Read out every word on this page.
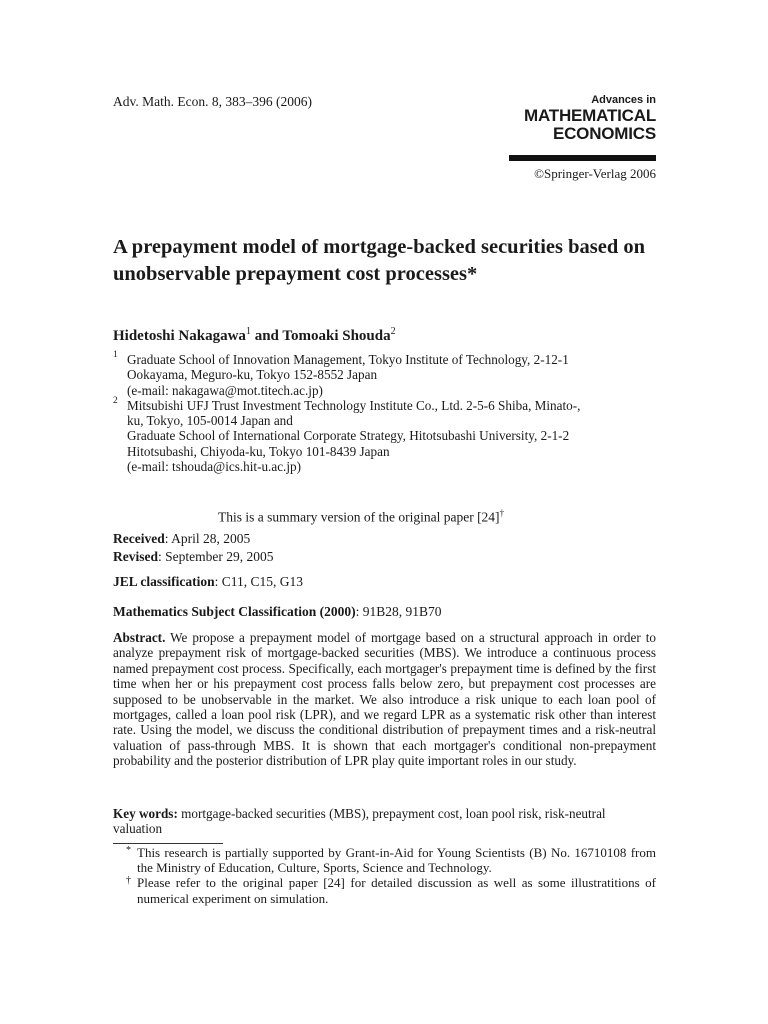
Adv. Math. Econ. 8, 383–396 (2006)	Advances in
MATHEMATICAL
ECONOMICS
©Springer-Verlag 2006
A prepayment model of mortgage-backed securities based on unobservable prepayment cost processes*
Hidetoshi Nakagawa$^1$ and Tomoaki Shouda$^2$
1 Graduate School of Innovation Management, Tokyo Institute of Technology, 2-12-1
Ookayama, Meguro-ku, Tokyo 152-8552 Japan
(e-mail: nakagawa@mot.titech.ac.jp)
2 Mitsubishi UFJ Trust Investment Technology Institute Co., Ltd. 2-5-6 Shiba, Minato-,
ku, Tokyo, 105-0014 Japan and
Graduate School of International Corporate Strategy, Hitotsubashi University, 2-1-2
Hitotsubashi, Chiyoda-ku, Tokyo 101-8439 Japan
(e-mail: tshouda@ics.hit-u.ac.jp)
This is a summary version of the original paper [24]†
Received: April 28, 2005
Revised: September 29, 2005
JEL classification: C11, C15, G13
Mathematics Subject Classification (2000): 91B28, 91B70
Abstract. We propose a prepayment model of mortgage based on a structural approach in order to analyze prepayment risk of mortgage-backed securities (MBS). We introduce a continuous process named prepayment cost process. Specifically, each mortgager's prepayment time is defined by the first time when her or his prepayment cost process falls below zero, but prepayment cost processes are supposed to be unobservable in the market. We also introduce a risk unique to each loan pool of mortgages, called a loan pool risk (LPR), and we regard LPR as a systematic risk other than interest rate. Using the model, we discuss the conditional distribution of prepayment times and a risk-neutral valuation of pass-through MBS. It is shown that each mortgager's conditional non-prepayment probability and the posterior distribution of LPR play quite important roles in our study.
Key words: mortgage-backed securities (MBS), prepayment cost, loan pool risk, risk-neutral valuation
* This research is partially supported by Grant-in-Aid for Young Scientists (B) No. 16710108 from the Ministry of Education, Culture, Sports, Science and Technology.
† Please refer to the original paper [24] for detailed discussion as well as some illustratitions of numerical experiment on simulation.
